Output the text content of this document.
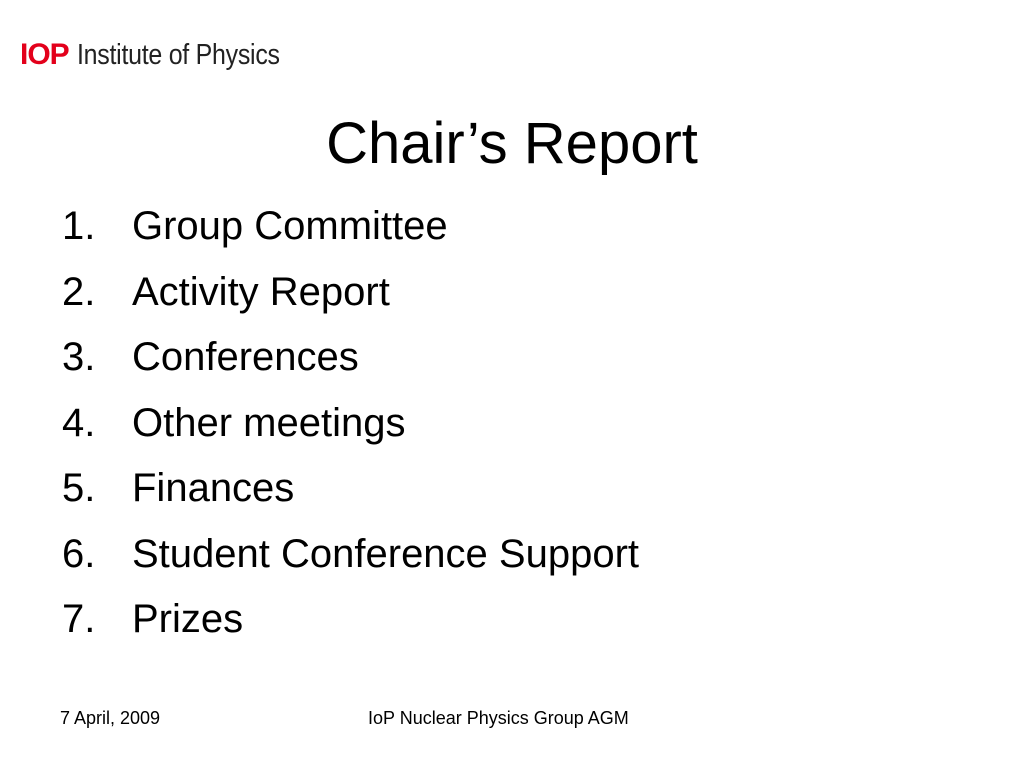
IOP Institute of Physics
Chair’s Report
1. Group Committee
2. Activity Report
3. Conferences
4. Other meetings
5. Finances
6. Student Conference Support
7. Prizes
7 April, 2009	IoP Nuclear Physics Group AGM
